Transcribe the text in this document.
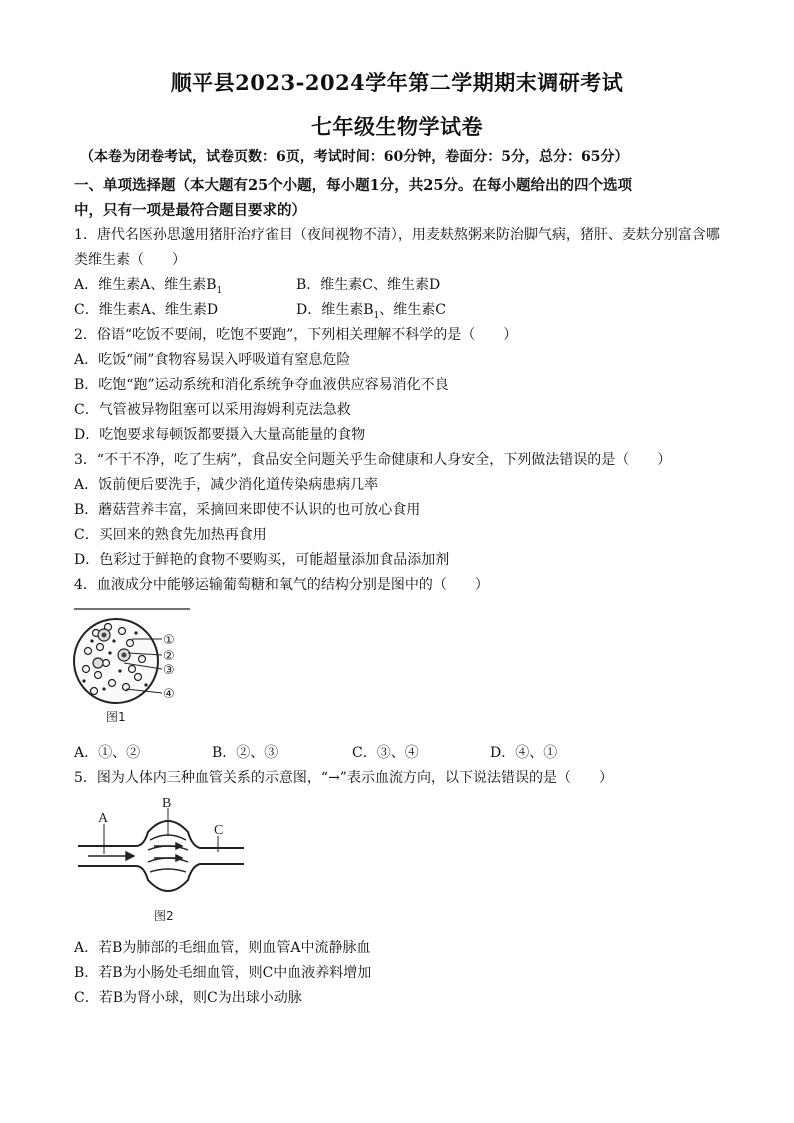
顺平县2023-2024学年第二学期期末调研考试
七年级生物学试卷
（本卷为闭卷考试，试卷页数：6页，考试时间：60分钟，卷面分：5分，总分：65分）
一、单项选择题（本大题有25个小题，每小题1分，共25分。在每小题给出的四个选项
中，只有一项是最符合题目要求的）
1．唐代名医孙思邈用猪肝治疗雀目（夜间视物不清），用麦麸熬粥来防治脚气病，猪肝、麦麸分别富含哪
类维生素（　　）
A．维生素A、维生素$B_1$	B．维生素C、维生素D
C．维生素A、维生素D	D．维生素$B_1$、维生素C
2．俗语“吃饭不要闹，吃饱不要跑”，下列相关理解不科学的是（　　）
A．吃饭“闹”食物容易误入呼吸道有窒息危险
B．吃饱“跑”运动系统和消化系统争夺血液供应容易消化不良
C．气管被异物阻塞可以采用海姆利克法急救
D．吃饱要求每顿饭都要摄入大量高能量的食物
3．“不干不净，吃了生病”，食品安全问题关乎生命健康和人身安全，下列做法错误的是（　　）
A．饭前便后要洗手，减少消化道传染病患病几率
B．蘑菇营养丰富，采摘回来即使不认识的也可放心食用
C．买回来的熟食先加热再食用
D．色彩过于鲜艳的食物不要购买，可能超量添加食品添加剂
4．血液成分中能够运输葡萄糖和氧气的结构分别是图中的（　　）
①
②
③
④
图1
A．①、②	B．②、③	C．③、④	D．④、①
5．图为人体内三种血管关系的示意图，“→”表示血流方向，以下说法错误的是（　　）
A
B
C
图2
A．若B为肺部的毛细血管，则血管A中流静脉血
B．若B为小肠处毛细血管，则C中血液养料增加
C．若B为肾小球，则C为出球小动脉
